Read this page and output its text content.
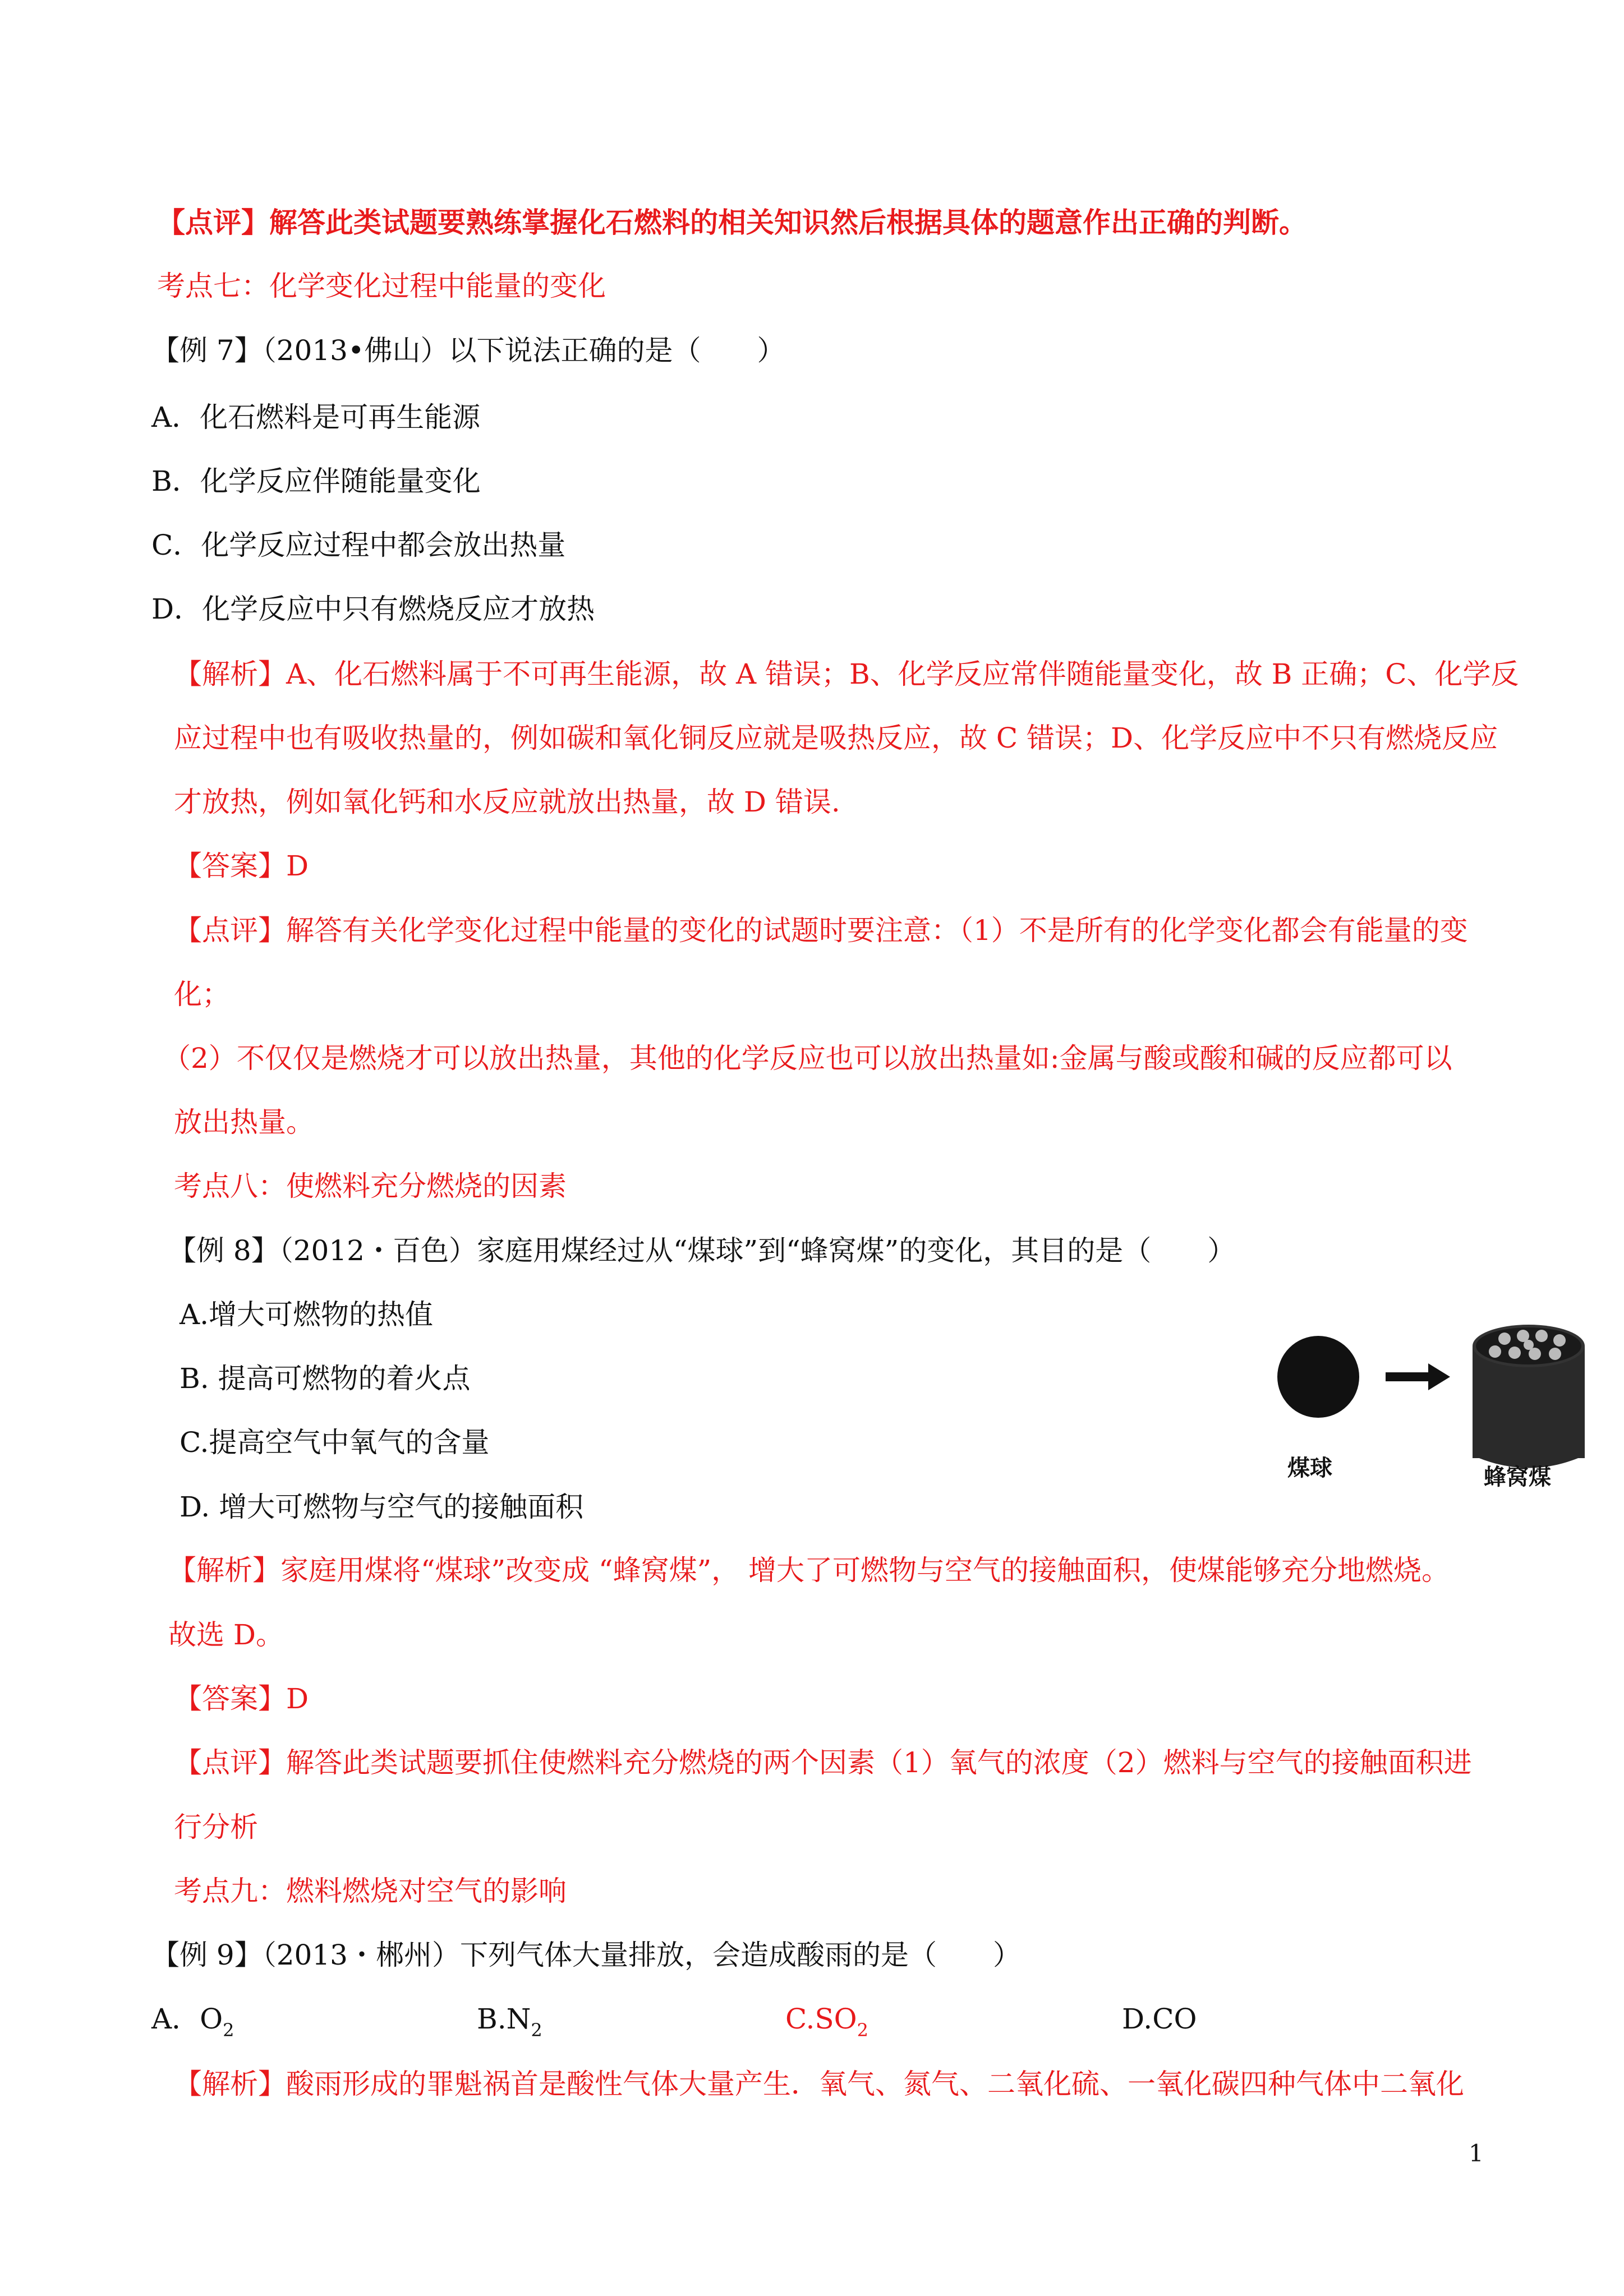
【点评】解答此类试题要熟练掌握化石燃料的相关知识然后根据具体的题意作出正确的判断。
考点七：化学变化过程中能量的变化
【例 7】（2013•佛山）以下说法正确的是（　　）
A．化石燃料是可再生能源
B．化学反应伴随能量变化
C．化学反应过程中都会放出热量
D．化学反应中只有燃烧反应才放热
【解析】A、化石燃料属于不可再生能源，故 A 错误；B、化学反应常伴随能量变化，故 B 正确；C、化学反
应过程中也有吸收热量的，例如碳和氧化铜反应就是吸热反应，故 C 错误；D、化学反应中不只有燃烧反应
才放热，例如氧化钙和水反应就放出热量，故 D 错误.
【答案】D
【点评】解答有关化学变化过程中能量的变化的试题时要注意：（1）不是所有的化学变化都会有能量的变
化；
（2）不仅仅是燃烧才可以放出热量，其他的化学反应也可以放出热量如:金属与酸或酸和碱的反应都可以
放出热量。
考点八：使燃料充分燃烧的因素
【例 8】（2012・百色）家庭用煤经过从“煤球”到“蜂窝煤”的变化，其目的是（　　）
A.增大可燃物的热值
B. 提高可燃物的着火点
C.提高空气中氧气的含量
D. 增大可燃物与空气的接触面积
【解析】家庭用煤将“煤球”改变成 “蜂窝煤”， 增大了可燃物与空气的接触面积，使煤能够充分地燃烧。
故选 D。
【答案】D
【点评】解答此类试题要抓住使燃料充分燃烧的两个因素（1）氧气的浓度（2）燃料与空气的接触面积进
行分析
考点九：燃料燃烧对空气的影响
【例 9】（2013・郴州）下列气体大量排放，会造成酸雨的是（　　）
A．$O_2$	$B.N_2$	$C.SO_2$	D.CO
【解析】酸雨形成的罪魁祸首是酸性气体大量产生．氧气、氮气、二氧化硫、一氧化碳四种气体中二氧化
煤球	蜂窝煤
1
